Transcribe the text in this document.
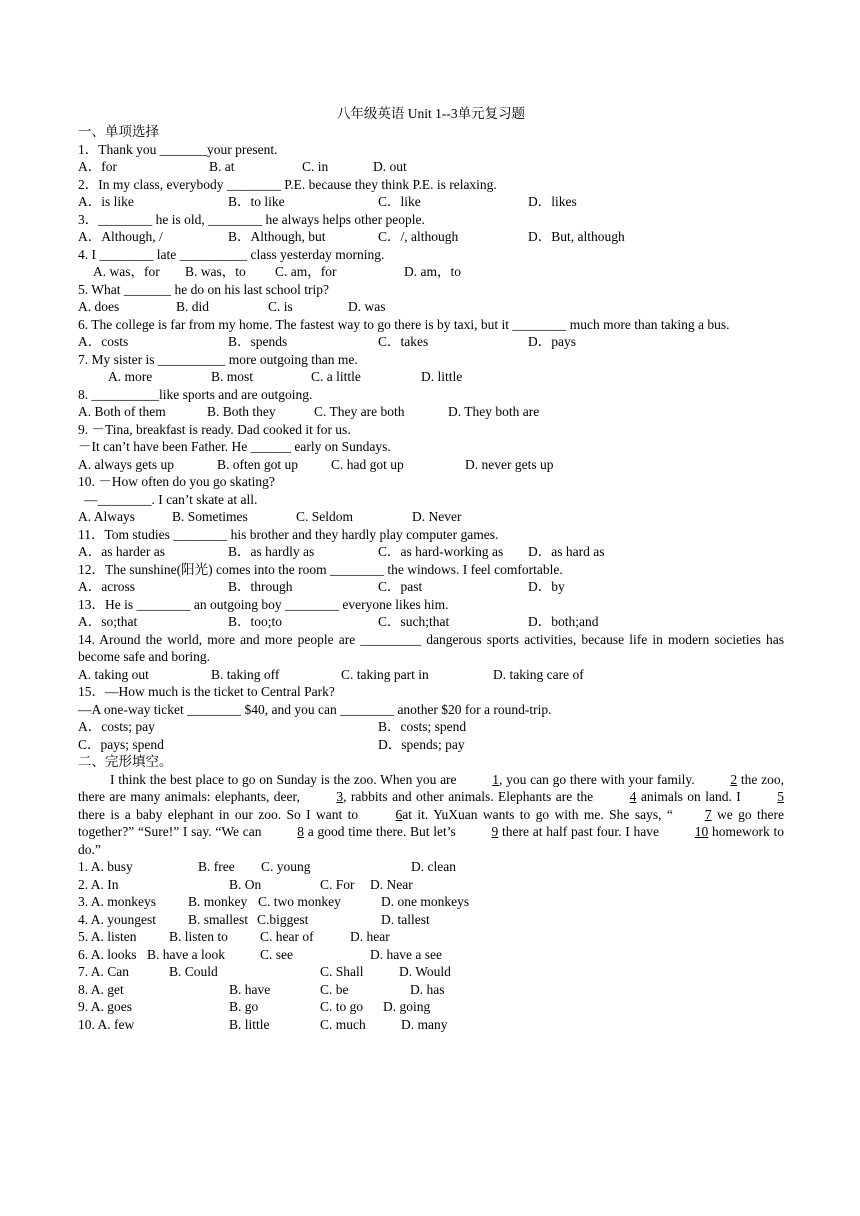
八年级英语 Unit 1--3单元复习题
一、单项选择
1．Thank you _______your present.
A．for	B. at	C. in	D. out
2．In my class, everybody ________ P.E. because they think P.E. is relaxing.
A．is like	B．to like	C．like	D．likes
3．________ he is old, ________ he always helps other people.
A．Although, /	B．Although, but	C．/, although	D．But, although
4. I ________ late __________ class yesterday morning.
A. was，for B. was，to C. am，for	D. am，to
5. What _______ he do on his last school trip?
A. does	B. did	C. is	D. was
6. The college is far from my home. The fastest way to go there is by taxi, but it ________ much more than taking a bus.
A．costs	B．spends	C．takes	D．pays
7. My sister is __________ more outgoing than me.
A. more	B. most	C. a little	D. little
8. __________like sports and are outgoing.
A. Both of them	B. Both they	C. They are both	D. They both are
9. －Tina, breakfast is ready. Dad cooked it for us.
－It can’t have been Father. He ______ early on Sundays.
A. always gets up	B. often got up C. had got up	D. never gets up
10. －How often do you go skating?
—________. I can’t skate at all.
A. Always	B. Sometimes	C. Seldom	D. Never
11．Tom studies ________ his brother and they hardly play computer games.
A．as harder as	B．as hardly as	C．as hard-working as D．as hard as
12．The sunshine(阳光) comes into the room ________ the windows. I feel comfortable.
A．across	B．through	C．past	D．by
13．He is ________ an outgoing boy ________ everyone likes him.
A．so;that	B．too;to	C．such;that	D．both;and
14. Around the world, more and more people are _________ dangerous sports activities, because life in modern societies has become safe and boring.
A. taking out	B. taking off	C. taking part in	D. taking care of
15．—How much is the ticket to Central Park?
—A one-way ticket ________ $40, and you can ________ another $20 for a round-trip.
A．costs; pay	B．costs; spend
C．pays; spend	D．spends; pay
二、完形填空。
I think the best place to go on Sunday is the zoo. When you are 1, you can go there with your family. 2 the zoo, there are many animals: elephants, deer, 3, rabbits and other animals. Elephants are the 4 animals on land. I 5 there is a baby elephant in our zoo. So I want to 6at it. YuXuan wants to go with me. She says, “ 7 we go there together?” “Sure!” I say. “We can 8 a good time there. But let’s 9 there at half past four. I have 10 homework to do.”
1. A. busy	B. free C. young	D. clean
2. A. In	B. On	C. For D. Near
3. A. monkeys B. monkey C. two monkey	D. one monkeys
4. A. youngest B. smallest C.biggest	D. tallest
5. A. listen B. listen to C. hear of	D. hear
6. A. looks B. have a look	C. see	D. have a see
7. A. Can	B. Could	C. Shall	D. Would
8. A. get	B. have	C. be	D. has
9. A. goes	B. go	C. to go D. going
10. A. few	B. little	C. much	D. many
